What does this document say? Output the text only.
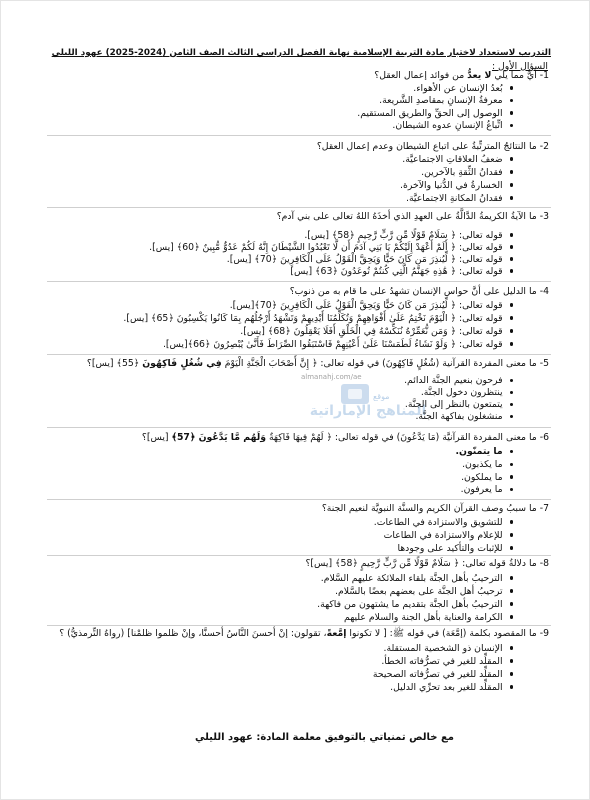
التدريب لاستعداد لاختبار مادة التربية الإسلامية نهاية الفصل الدراسي الثالث الصف الثامن (2024-2025) عهود الليلي
السؤال الأول :
almanahj.com/ae
موقع
المناهج الإماراتية
1- أيٌّ مما يلي لا يعدُّ من فوائد إعمال العقل؟
بُعدُ الإنسان عن الأهواء.
معرفةُ الإنسانِ بمقاصدِ الشَّريعة.
الوصول إلى الحقِّ والطريق المستقيم.
اتِّباعُ الإنسانِ عدوه الشيطان.
2- ما النتائجُ المترتِّبةُ على اتباع الشيطان وعدم إعمال العقل؟
ضعفُ العلاقاتِ الاجتماعيَّة.
فقدانُ الثِّقةِ بالآخرين.
الخسارةُ في الدُّنيا والآخرة.
فقدانُ المكانةِ الاجتماعيَّة.
3- ما الآيةُ الكريمةُ الدَّالَّةُ على العهدِ الذي أخذَهُ اللهُ تعالى على بني آدم؟
قوله تعالى: ﴿ سَلَامٌ قَوْلًا مِّن رَّبٍّ رَّحِيمٍ ﴿58﴾ [يس].
قوله تعالى: ﴿ أَلَمْ أَعْهَدْ إِلَيْكُمْ يَا بَنِي آدَمَ أَن لَّا تَعْبُدُوا الشَّيْطَانَ إِنَّهُ لَكُمْ عَدُوٌّ مُّبِينٌ ﴿60﴾ [يس].
قوله تعالى: ﴿ لِّيُنذِرَ مَن كَانَ حَيًّا وَيَحِقَّ الْقَوْلُ عَلَى الْكَافِرِينَ ﴿70﴾ [يس].
قوله تعالى: ﴿ هَٰذِهِ جَهَنَّمُ الَّتِي كُنتُمْ تُوعَدُونَ ﴿63﴾ [يس]
4- ما الدليل على أنَّ حواس الإنسان تشهدُ على ما قام به من ذنوب؟
قوله تعالى: ﴿ لِّيُنذِرَ مَن كَانَ حَيًّا وَيَحِقَّ الْقَوْلُ عَلَى الْكَافِرِينَ ﴿70﴾[يس].
قوله تعالى: ﴿ الْيَوْمَ نَخْتِمُ عَلَىٰ أَفْوَاهِهِمْ وَتُكَلِّمُنَا أَيْدِيهِمْ وَتَشْهَدُ أَرْجُلُهُم بِمَا كَانُوا يَكْسِبُونَ ﴿65﴾ [يس].
قوله تعالى: ﴿ وَمَن نُّعَمِّرْهُ نُنَكِّسْهُ فِي الْخَلْقِ أَفَلَا يَعْقِلُونَ ﴿68﴾ [يس].
قوله تعالى: ﴿ وَلَوْ نَشَاءُ لَطَمَسْنَا عَلَىٰ أَعْيُنِهِمْ فَاسْتَبَقُوا الصِّرَاطَ فَأَنَّىٰ يُبْصِرُونَ ﴿66﴾[يس].
5- ما معنى المفردة القرآنية (شُغُلٍ فَاكِهُونَ) في قوله تعالى: ﴿ إِنَّ أَصْحَابَ الْجَنَّةِ الْيَوْمَ فِي شُغُلٍ فَاكِهُونَ ﴿55﴾ [يس]؟
فرحون بنعيم الجنَّة الدائم.
ينتظرون دخول الجنَّة.
يتمتعون بالنظر إلى الجنَّة.
منشغلون بفاكهة الجنَّة.
6- ما معنى المفردة القرآنيَّة (مَا يَدَّعُونَ) في قوله تعالى: ﴿ لَهُمْ فِيهَا فَاكِهَةٌ وَلَهُم مَّا يَدَّعُونَ ﴿57﴾ [يس]؟
ما يتمنّون.
ما يكذبون.
ما يملكون.
ما يعرفون.
7- ما سببُ وصف القرآن الكريم والسنَّة النبويَّة لنعيم الجنة؟
للتشويق والاستزادة في الطاعات.
للإعلام والاستزادة في الطاعات
للإثبات والتأكيد على وجودها
8- ما دلالةُ قوله تعالى: ﴿ سَلَامٌ قَوْلًا مِّن رَّبٍّ رَّحِيمٍ ﴿58﴾ [يس]؟
الترحيبُ بأهل الجنَّة بلقاء الملائكة عليهم السَّلام.
ترحيبُ أهل الجنَّة على بعضهم بعضًا بالسَّلام.
الترحيبُ بأهل الجنَّة بتقديم ما يشتهون من فاكهة.
الكرامة والعناية بأهل الجنة والسلام عليهم
9- ما المقصود بكلمة (إمَّعَة) في قوله ﷺ: [ لا تكونوا إمَّعةً، تقولون: إنْ أحسنَ النَّاسُ أحسنَّا، وإنْ ظلموا ظلمْنا] (رواهُ التِّرمذيُّ) ؟
الإنسان ذو الشخصية المستقلة.
المقلِّد للغير في تصرُّفاته الخطأ.
المقلِّد للغير في تصرُّفاته الصحيحة
المقلِّد للغير بعد تحرِّي الدليل.
مع خالص تمنياتي بالتوفيق معلمة المادة: عهود الليلي
